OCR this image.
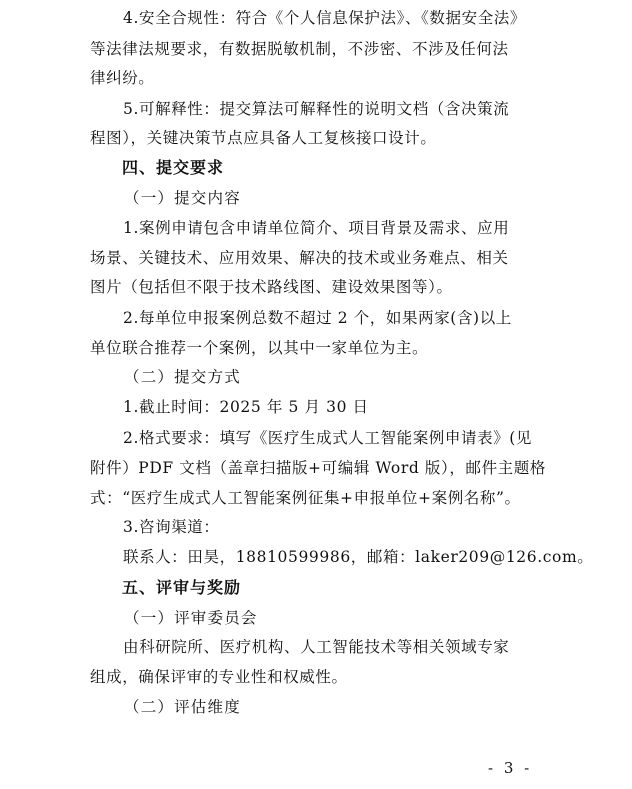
4.安全合规性：符合《个人信息保护法》、《数据安全法》
等法律法规要求，有数据脱敏机制，不涉密、不涉及任何法
律纠纷。
5.可解释性：提交算法可解释性的说明文档（含决策流
程图），关键决策节点应具备人工复核接口设计。
四、提交要求
（一）提交内容
1.案例申请包含申请单位简介、项目背景及需求、应用
场景、关键技术、应用效果、解决的技术或业务难点、相关
图片（包括但不限于技术路线图、建设效果图等）。
2.每单位申报案例总数不超过 2 个，如果两家(含)以上
单位联合推荐一个案例，以其中一家单位为主。
（二）提交方式
1.截止时间：2025 年 5 月 30 日
2.格式要求：填写《医疗生成式人工智能案例申请表》(见
附件）PDF 文档（盖章扫描版+可编辑 Word 版），邮件主题格
式：“医疗生成式人工智能案例征集+申报单位+案例名称”。
3.咨询渠道：
联系人：田昊，18810599986，邮箱：laker209@126.com。
五、评审与奖励
（一）评审委员会
由科研院所、医疗机构、人工智能技术等相关领域专家
组成，确保评审的专业性和权威性。
（二）评估维度
- 3 -
